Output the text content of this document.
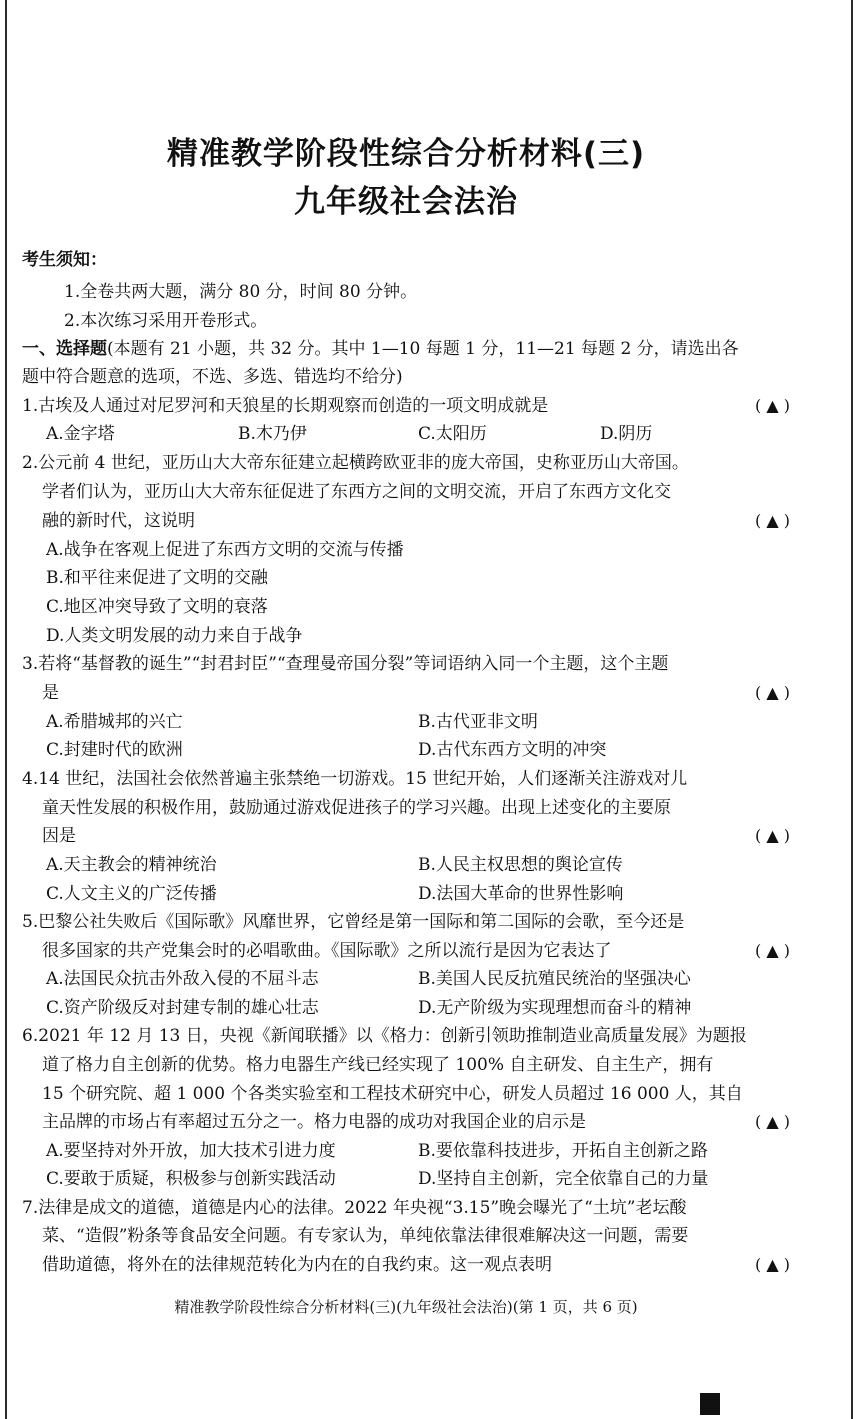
精准教学阶段性综合分析材料(三)
九年级社会法治
考生须知：
1.全卷共两大题，满分 80 分，时间 80 分钟。
2.本次练习采用开卷形式。
一、选择题(本题有 21 小题，共 32 分。其中 1—10 每题 1 分，11—21 每题 2 分，请选出各
题中符合题意的选项，不选、多选、错选均不给分)
1.古埃及人通过对尼罗河和天狼星的长期观察而创造的一项文明成就是	( ▲ )
A.金字塔	B.木乃伊	C.太阳历	D.阴历
2.公元前 4 世纪，亚历山大大帝东征建立起横跨欧亚非的庞大帝国，史称亚历山大帝国。
学者们认为，亚历山大大帝东征促进了东西方之间的文明交流，开启了东西方文化交
融的新时代，这说明	( ▲ )
A.战争在客观上促进了东西方文明的交流与传播
B.和平往来促进了文明的交融
C.地区冲突导致了文明的衰落
D.人类文明发展的动力来自于战争
3.若将“基督教的诞生”“封君封臣”“查理曼帝国分裂”等词语纳入同一个主题，这个主题
是	( ▲ )
A.希腊城邦的兴亡	B.古代亚非文明
C.封建时代的欧洲	D.古代东西方文明的冲突
4.14 世纪，法国社会依然普遍主张禁绝一切游戏。15 世纪开始，人们逐渐关注游戏对儿
童天性发展的积极作用，鼓励通过游戏促进孩子的学习兴趣。出现上述变化的主要原
因是	( ▲ )
A.天主教会的精神统治	B.人民主权思想的舆论宣传
C.人文主义的广泛传播	D.法国大革命的世界性影响
5.巴黎公社失败后《国际歌》风靡世界，它曾经是第一国际和第二国际的会歌，至今还是
很多国家的共产党集会时的必唱歌曲。《国际歌》之所以流行是因为它表达了	( ▲ )
A.法国民众抗击外敌入侵的不屈斗志	B.美国人民反抗殖民统治的坚强决心
C.资产阶级反对封建专制的雄心壮志	D.无产阶级为实现理想而奋斗的精神
6.2021 年 12 月 13 日，央视《新闻联播》以《格力：创新引领助推制造业高质量发展》为题报
道了格力自主创新的优势。格力电器生产线已经实现了 100% 自主研发、自主生产，拥有
15 个研究院、超 1 000 个各类实验室和工程技术研究中心，研发人员超过 16 000 人，其自
主品牌的市场占有率超过五分之一。格力电器的成功对我国企业的启示是	( ▲ )
A.要坚持对外开放，加大技术引进力度	B.要依靠科技进步，开拓自主创新之路
C.要敢于质疑，积极参与创新实践活动	D.坚持自主创新，完全依靠自己的力量
7.法律是成文的道德，道德是内心的法律。2022 年央视“3.15”晚会曝光了“土坑”老坛酸
菜、“造假”粉条等食品安全问题。有专家认为，单纯依靠法律很难解决这一问题，需要
借助道德，将外在的法律规范转化为内在的自我约束。这一观点表明	( ▲ )
精准教学阶段性综合分析材料(三)(九年级社会法治)(第 1 页，共 6 页)
